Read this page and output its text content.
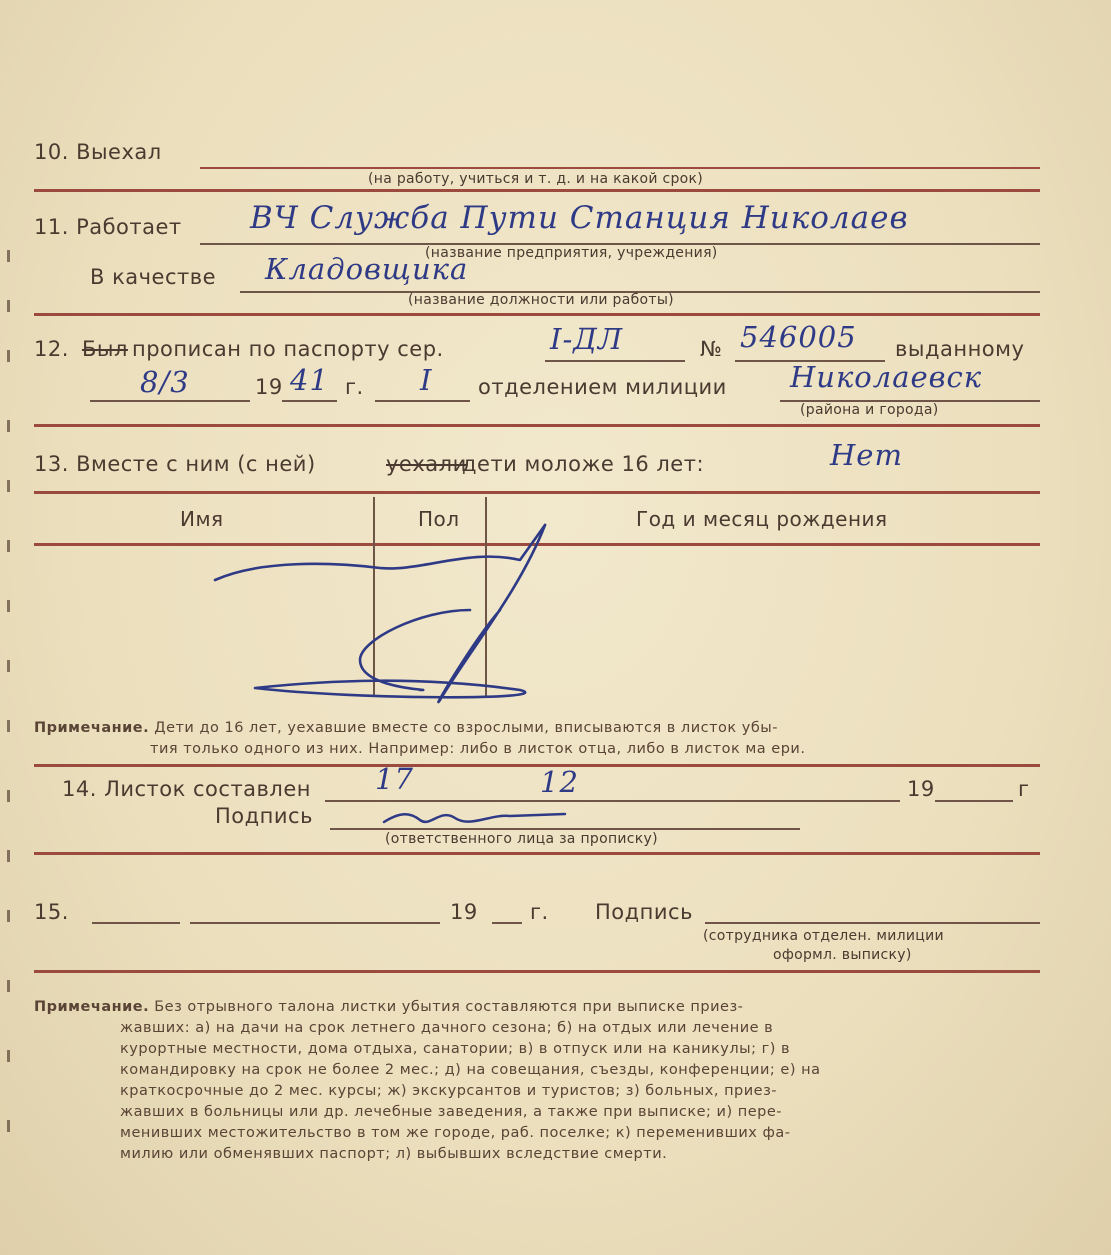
10. Выехал
(на работу, учиться и т. д. и на какой срок)
11. Работает ВЧ Служба Пути Станция Николаев
(название предприятия, учреждения)
В качестве Кладовщика
(название должности или работы)
12. Был прописан по паспорту сер.	I-ДЛ	№ 546005 выданному
8/3	19 41 г. I отделением милиции Николаевск
(района и города)
13. Вместе с ним (с ней)	уехали
дети моложе 16 лет:	Нет
Имя	Пол	Год и месяц рождения
Примечание. Дети до 16 лет, уехавшие вместе со взрослыми, вписываются в листок убы-
тия только одного из них. Например: либо в листок отца, либо в листок ма ери.
14. Листок составлен 17	12	19	г
Подпись
(ответственного лица за прописку)
15.	19 г. Подпись
(сотрудника отделен. милиции
оформл. выписку)
Примечание. Без отрывного талона листки убытия составляются при выписке приез-
жавших: а) на дачи на срок летнего дачного сезона; б) на отдых или лечение в
курортные местности, дома отдыха, санатории; в) в отпуск или на каникулы; г) в
командировку на срок не более 2 мес.; д) на совещания, съезды, конференции; е) на
краткосрочные до 2 мес. курсы; ж) экскурсантов и туристов; з) больных, приез-
жавших в больницы или др. лечебные заведения, а также при выписке; и) пере-
менивших местожительство в том же городе, раб. поселке; к) переменивших фа-
милию или обменявших паспорт; л) выбывших вследствие смерти.
